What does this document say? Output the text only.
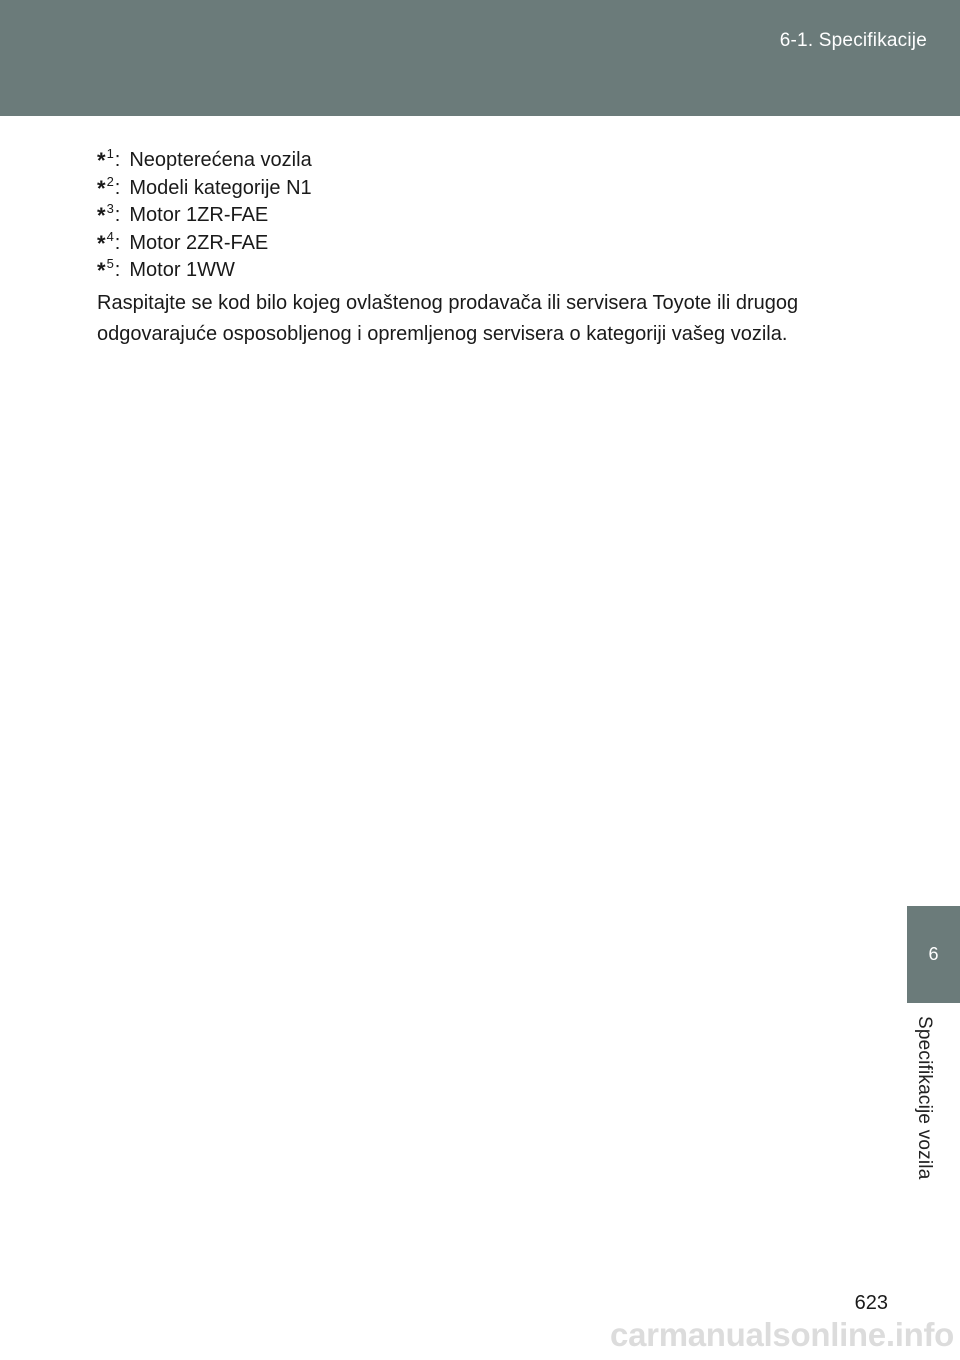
6-1. Specifikacije
* 1 : Neopterećena vozila
* 2 : Modeli kategorije N1
* 3 : Motor 1ZR-FAE
* 4 : Motor 2ZR-FAE
* 5 : Motor 1WW

Raspitajte se kod bilo kojeg ovlaštenog prodavača ili servisera Toyote ili drugog odgovarajuće osposobljenog i opremljenog servisera o kategoriji vašeg vozila.

6
Specifikacije vozila
623
carmanualsonline.info
